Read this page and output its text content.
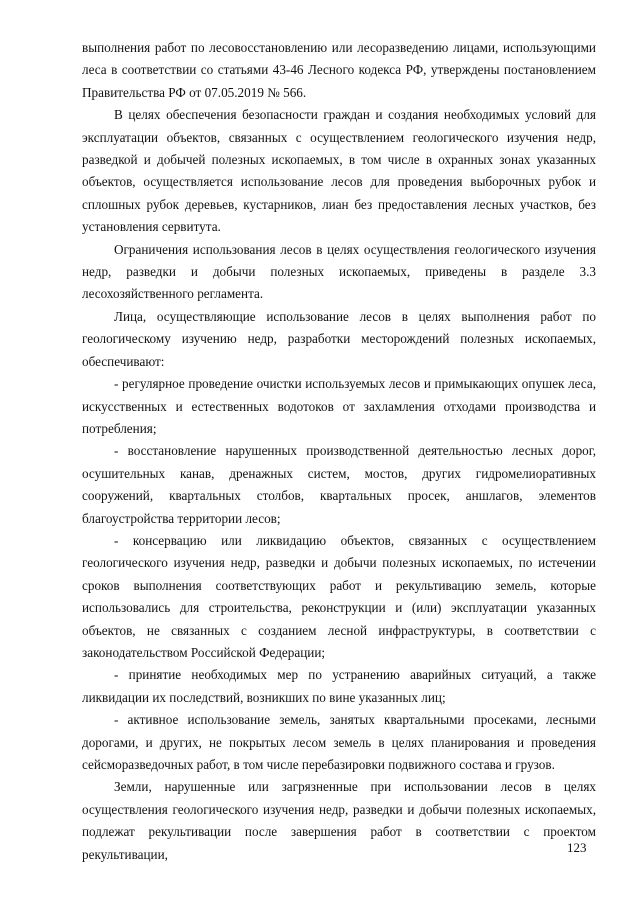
выполнения работ по лесовосстановлению или лесоразведению лицами, использующими леса в соответствии со статьями 43-46 Лесного кодекса РФ, утверждены постановлением Правительства РФ от 07.05.2019 № 566.

В целях обеспечения безопасности граждан и создания необходимых условий для эксплуатации объектов, связанных с осуществлением геологического изучения недр, разведкой и добычей полезных ископаемых, в том числе в охранных зонах указанных объектов, осуществляется использование лесов для проведения выборочных рубок и сплошных рубок деревьев, кустарников, лиан без предоставления лесных участков, без установления сервитута.

Ограничения использования лесов в целях осуществления геологического изучения недр, разведки и добычи полезных ископаемых, приведены в разделе 3.3 лесохозяйственного регламента.

Лица, осуществляющие использование лесов в целях выполнения работ по геологическому изучению недр, разработки месторождений полезных ископаемых, обеспечивают:

- регулярное проведение очистки используемых лесов и примыкающих опушек леса, искусственных и естественных водотоков от захламления отходами производства и потребления;

- восстановление нарушенных производственной деятельностью лесных дорог, осушительных канав, дренажных систем, мостов, других гидромелиоративных сооружений, квартальных столбов, квартальных просек, аншлагов, элементов благоустройства территории лесов;

- консервацию или ликвидацию объектов, связанных с осуществлением геологического изучения недр, разведки и добычи полезных ископаемых, по истечении сроков выполнения соответствующих работ и рекультивацию земель, которые использовались для строительства, реконструкции и (или) эксплуатации указанных объектов, не связанных с созданием лесной инфраструктуры, в соответствии с законодательством Российской Федерации;

- принятие необходимых мер по устранению аварийных ситуаций, а также ликвидации их последствий, возникших по вине указанных лиц;

- активное использование земель, занятых квартальными просеками, лесными дорогами, и других, не покрытых лесом земель в целях планирования и проведения сейсморазведочных работ, в том числе перебазировки подвижного состава и грузов.

Земли, нарушенные или загрязненные при использовании лесов в целях осуществления геологического изучения недр, разведки и добычи полезных ископаемых, подлежат рекультивации после завершения работ в соответствии с проектом рекультивации,	123
